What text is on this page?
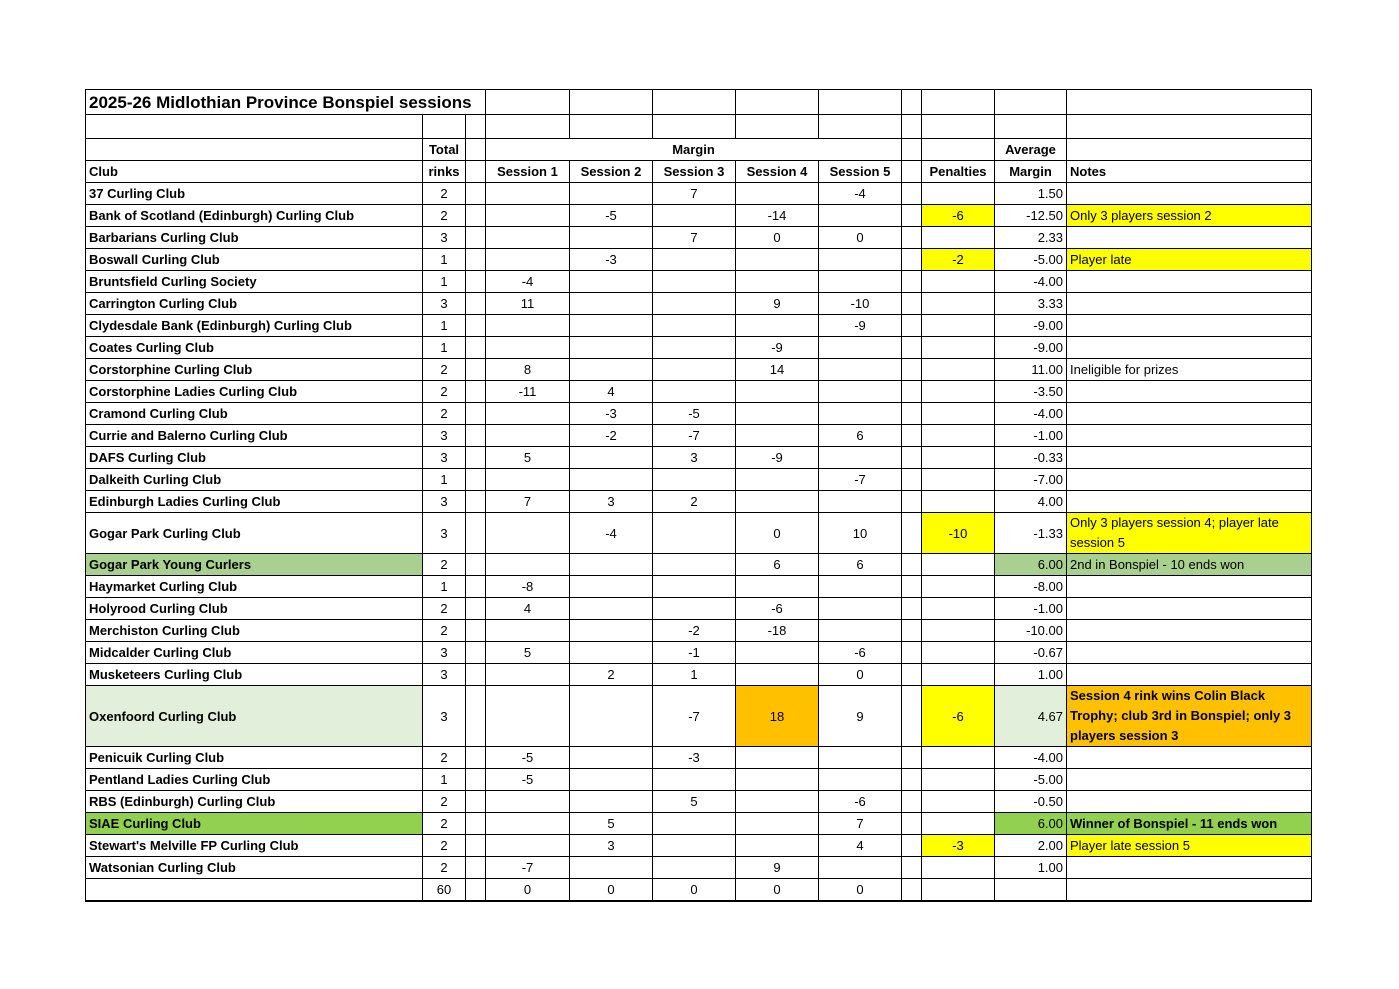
2025-26 Midlothian Province Bonspiel sessions											

	Total		Margin							Average	
Club	rinks		Session 1	Session 2	Session 3	Session 4	Session 5		Penalties	Margin	Notes
37 Curling Club	2				7		-4			1.50	
Bank of Scotland (Edinburgh) Curling Club	2			-5		-14			-6	-12.50	Only 3 players session 2
Barbarians Curling Club	3				7	0	0			2.33	
Boswall Curling Club	1			-3					-2	-5.00	Player late
Bruntsfield Curling Society	1		-4							-4.00	
Carrington Curling Club	3		11			9	-10			3.33	
Clydesdale Bank (Edinburgh) Curling Club	1						-9			-9.00	
Coates Curling Club	1					-9				-9.00	
Corstorphine Curling Club	2		8			14				11.00	Ineligible for prizes
Corstorphine Ladies Curling Club	2		-11	4						-3.50	
Cramond Curling Club	2			-3	-5					-4.00	
Currie and Balerno Curling Club	3			-2	-7		6			-1.00	
DAFS Curling Club	3		5		3	-9				-0.33	
Dalkeith Curling Club	1						-7			-7.00	
Edinburgh Ladies Curling Club	3		7	3	2					4.00	
Gogar Park Curling Club	3			-4		0	10		-10	-1.33	Only 3 players session 4; player late session 5
Gogar Park Young Curlers	2					6	6			6.00	2nd in Bonspiel - 10 ends won
Haymarket Curling Club	1		-8							-8.00	
Holyrood Curling Club	2		4			-6				-1.00	
Merchiston Curling Club	2				-2	-18				-10.00	
Midcalder Curling Club	3		5		-1		-6			-0.67	
Musketeers Curling Club	3			2	1		0			1.00	
Oxenfoord Curling Club	3				-7	18	9		-6	4.67	Session 4 rink wins Colin Black Trophy; club 3rd in Bonspiel; only 3 players session 3
Penicuik Curling Club	2		-5		-3					-4.00	
Pentland Ladies Curling Club	1		-5							-5.00	
RBS (Edinburgh) Curling Club	2				5		-6			-0.50	
SIAE Curling Club	2			5			7			6.00	Winner of Bonspiel - 11 ends won
Stewart's Melville FP Curling Club	2			3			4		-3	2.00	Player late session 5
Watsonian Curling Club	2		-7			9				1.00	
	60		0	0	0	0	0				
